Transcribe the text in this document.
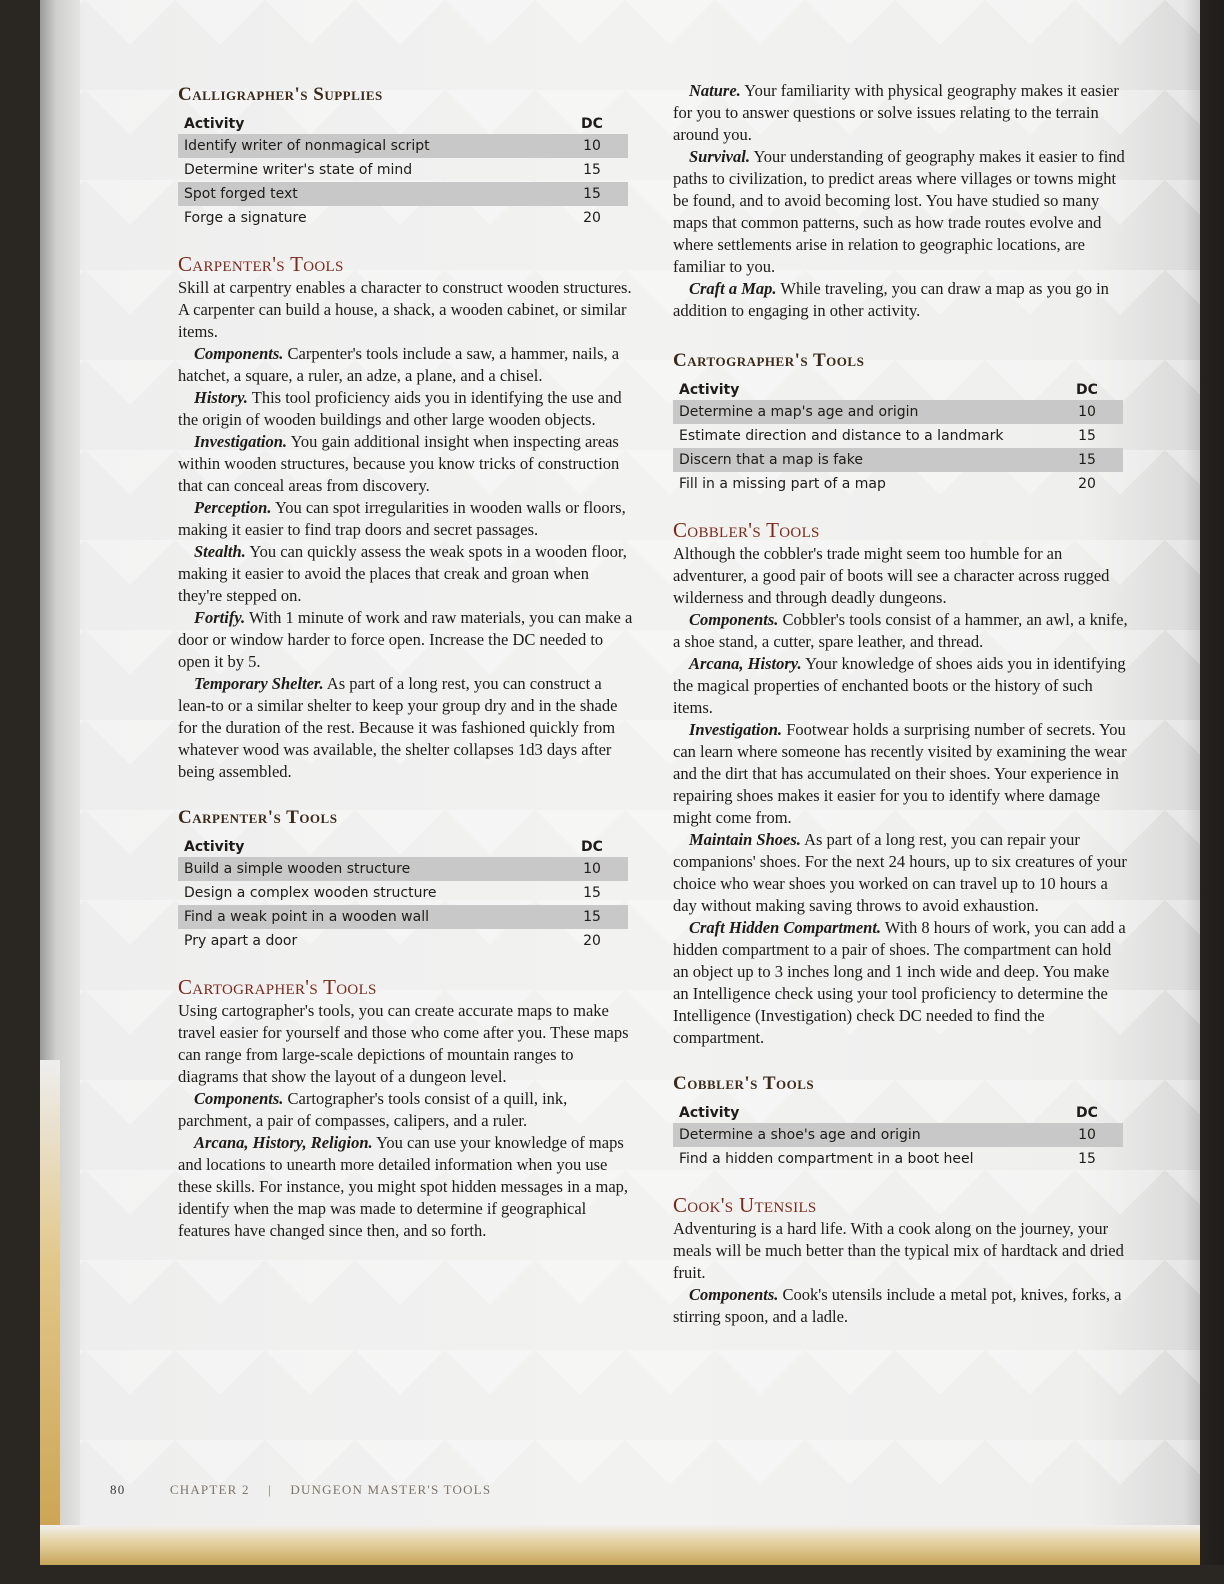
Calligrapher's Supplies
Activity	DC
Identify writer of nonmagical script	10
Determine writer's state of mind	15
Spot forged text	15
Forge a signature	20
Carpenter's Tools

Skill at carpentry enables a character to construct wooden structures. A carpenter can build a house, a shack, a wooden cabinet, or similar items.

Components. Carpenter's tools include a saw, a hammer, nails, a hatchet, a square, a ruler, an adze, a plane, and a chisel.

History. This tool proficiency aids you in identifying the use and the origin of wooden buildings and other large wooden objects.

Investigation. You gain additional insight when inspecting areas within wooden structures, because you know tricks of construction that can conceal areas from discovery.

Perception. You can spot irregularities in wooden walls or floors, making it easier to find trap doors and secret passages.

Stealth. You can quickly assess the weak spots in a wooden floor, making it easier to avoid the places that creak and groan when they're stepped on.

Fortify. With 1 minute of work and raw materials, you can make a door or window harder to force open. Increase the DC needed to open it by 5.

Temporary Shelter. As part of a long rest, you can construct a lean-to or a similar shelter to keep your group dry and in the shade for the duration of the rest. Because it was fashioned quickly from whatever wood was available, the shelter collapses 1d3 days after being assembled.

Carpenter's Tools
Activity	DC
Build a simple wooden structure	10
Design a complex wooden structure	15
Find a weak point in a wooden wall	15
Pry apart a door	20
Cartographer's Tools

Using cartographer's tools, you can create accurate maps to make travel easier for yourself and those who come after you. These maps can range from large-scale depictions of mountain ranges to diagrams that show the layout of a dungeon level.

Components. Cartographer's tools consist of a quill, ink, parchment, a pair of compasses, calipers, and a ruler.

Arcana, History, Religion. You can use your knowledge of maps and locations to unearth more detailed information when you use these skills. For instance, you might spot hidden messages in a map, identify when the map was made to determine if geographical features have changed since then, and so forth.

Nature. Your familiarity with physical geography makes it easier for you to answer questions or solve issues relating to the terrain around you.

Survival. Your understanding of geography makes it easier to find paths to civilization, to predict areas where villages or towns might be found, and to avoid becoming lost. You have studied so many maps that common patterns, such as how trade routes evolve and where settlements arise in relation to geographic locations, are familiar to you.

Craft a Map. While traveling, you can draw a map as you go in addition to engaging in other activity.

Cartographer's Tools
Activity	DC
Determine a map's age and origin	10
Estimate direction and distance to a landmark	15
Discern that a map is fake	15
Fill in a missing part of a map	20
Cobbler's Tools

Although the cobbler's trade might seem too humble for an adventurer, a good pair of boots will see a character across rugged wilderness and through deadly dungeons.

Components. Cobbler's tools consist of a hammer, an awl, a knife, a shoe stand, a cutter, spare leather, and thread.

Arcana, History. Your knowledge of shoes aids you in identifying the magical properties of enchanted boots or the history of such items.

Investigation. Footwear holds a surprising number of secrets. You can learn where someone has recently visited by examining the wear and the dirt that has accumulated on their shoes. Your experience in repairing shoes makes it easier for you to identify where damage might come from.

Maintain Shoes. As part of a long rest, you can repair your companions' shoes. For the next 24 hours, up to six creatures of your choice who wear shoes you worked on can travel up to 10 hours a day without making saving throws to avoid exhaustion.

Craft Hidden Compartment. With 8 hours of work, you can add a hidden compartment to a pair of shoes. The compartment can hold an object up to 3 inches long and 1 inch wide and deep. You make an Intelligence check using your tool proficiency to determine the Intelligence (Investigation) check DC needed to find the compartment.

Cobbler's Tools
Activity	DC
Determine a shoe's age and origin	10
Find a hidden compartment in a boot heel	15
Cook's Utensils

Adventuring is a hard life. With a cook along on the journey, your meals will be much better than the typical mix of hardtack and dried fruit.

Components. Cook's utensils include a metal pot, knives, forks, a stirring spoon, and a ladle.

80	CHAPTER 2 | DUNGEON MASTER'S TOOLS
